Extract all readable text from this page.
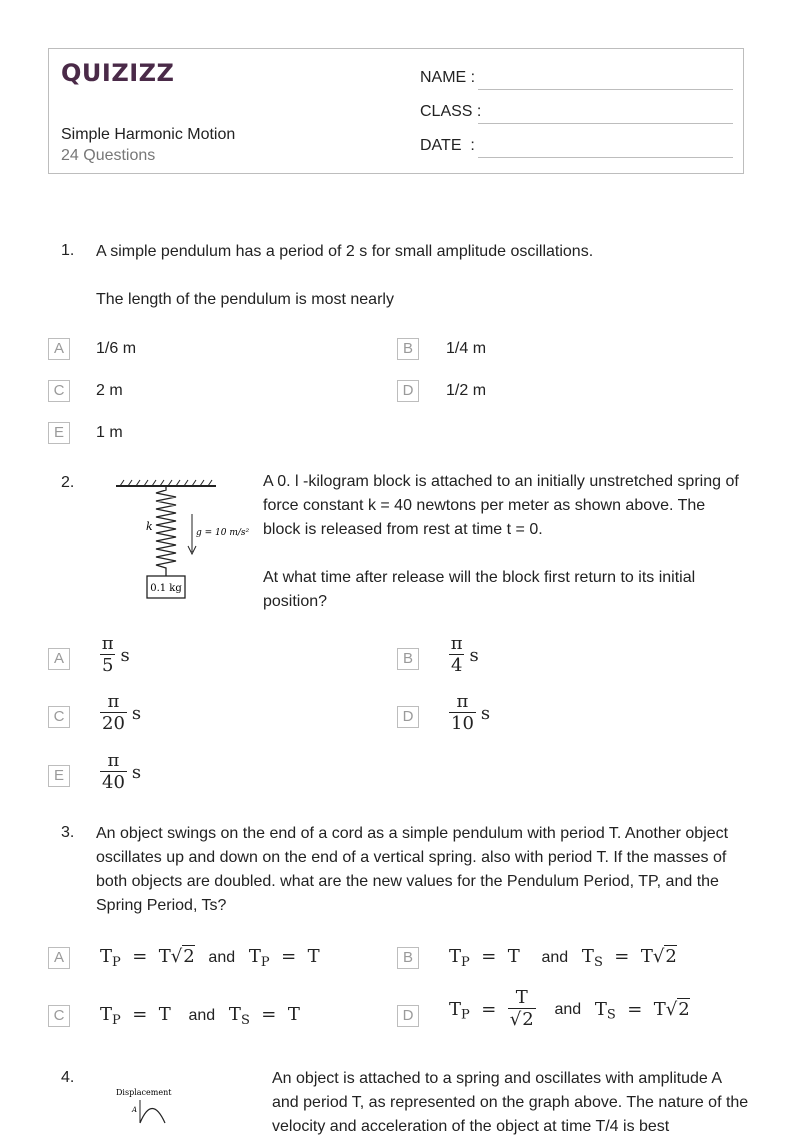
QUIZIZZ
Simple Harmonic Motion
24 Questions
NAME :
CLASS :
DATE  :
1. A simple pendulum has a period of 2 s for small amplitude oscillations.
The length of the pendulum is most nearly
A	1/6 m	B	1/4 m
C	2 m	D	1/2 m
E	1 m
2.
0.1 kg
k	g = 10 m/s²
A 0. l -kilogram block is attached to an initially unstretched spring of force constant k = 40 newtons per meter as shown above. The block is released from rest at time t = 0.
At what time after release will the block first return to its initial position?
A	$\frac{\pi}{5}$ s	B	$\frac{\pi}{4}$ s
C	$\frac{\pi}{20}$ s	D	$\frac{\pi}{10}$ s
E	$\frac{\pi}{40}$ s
3. An object swings on the end of a cord as a simple pendulum with period T. Another object oscillates up and down on the end of a vertical spring. also with period T. If the masses of both objects are doubled. what are the new values for the Pendulum Period, TP, and the Spring Period, Ts?
A	$T_P = T√2$ and $T_P = T$	B	$T_P = T$ and $T_S = T√2$
C	$T_P = T$ and $T_S = T$	D	$T_P = \frac{T}{√2}$ and $T_S = T√2$
4.
Displacement
A
An object is attached to a spring and oscillates with amplitude A and period T, as represented on the graph above. The nature of the velocity and acceleration of the object at time T/4 is best
